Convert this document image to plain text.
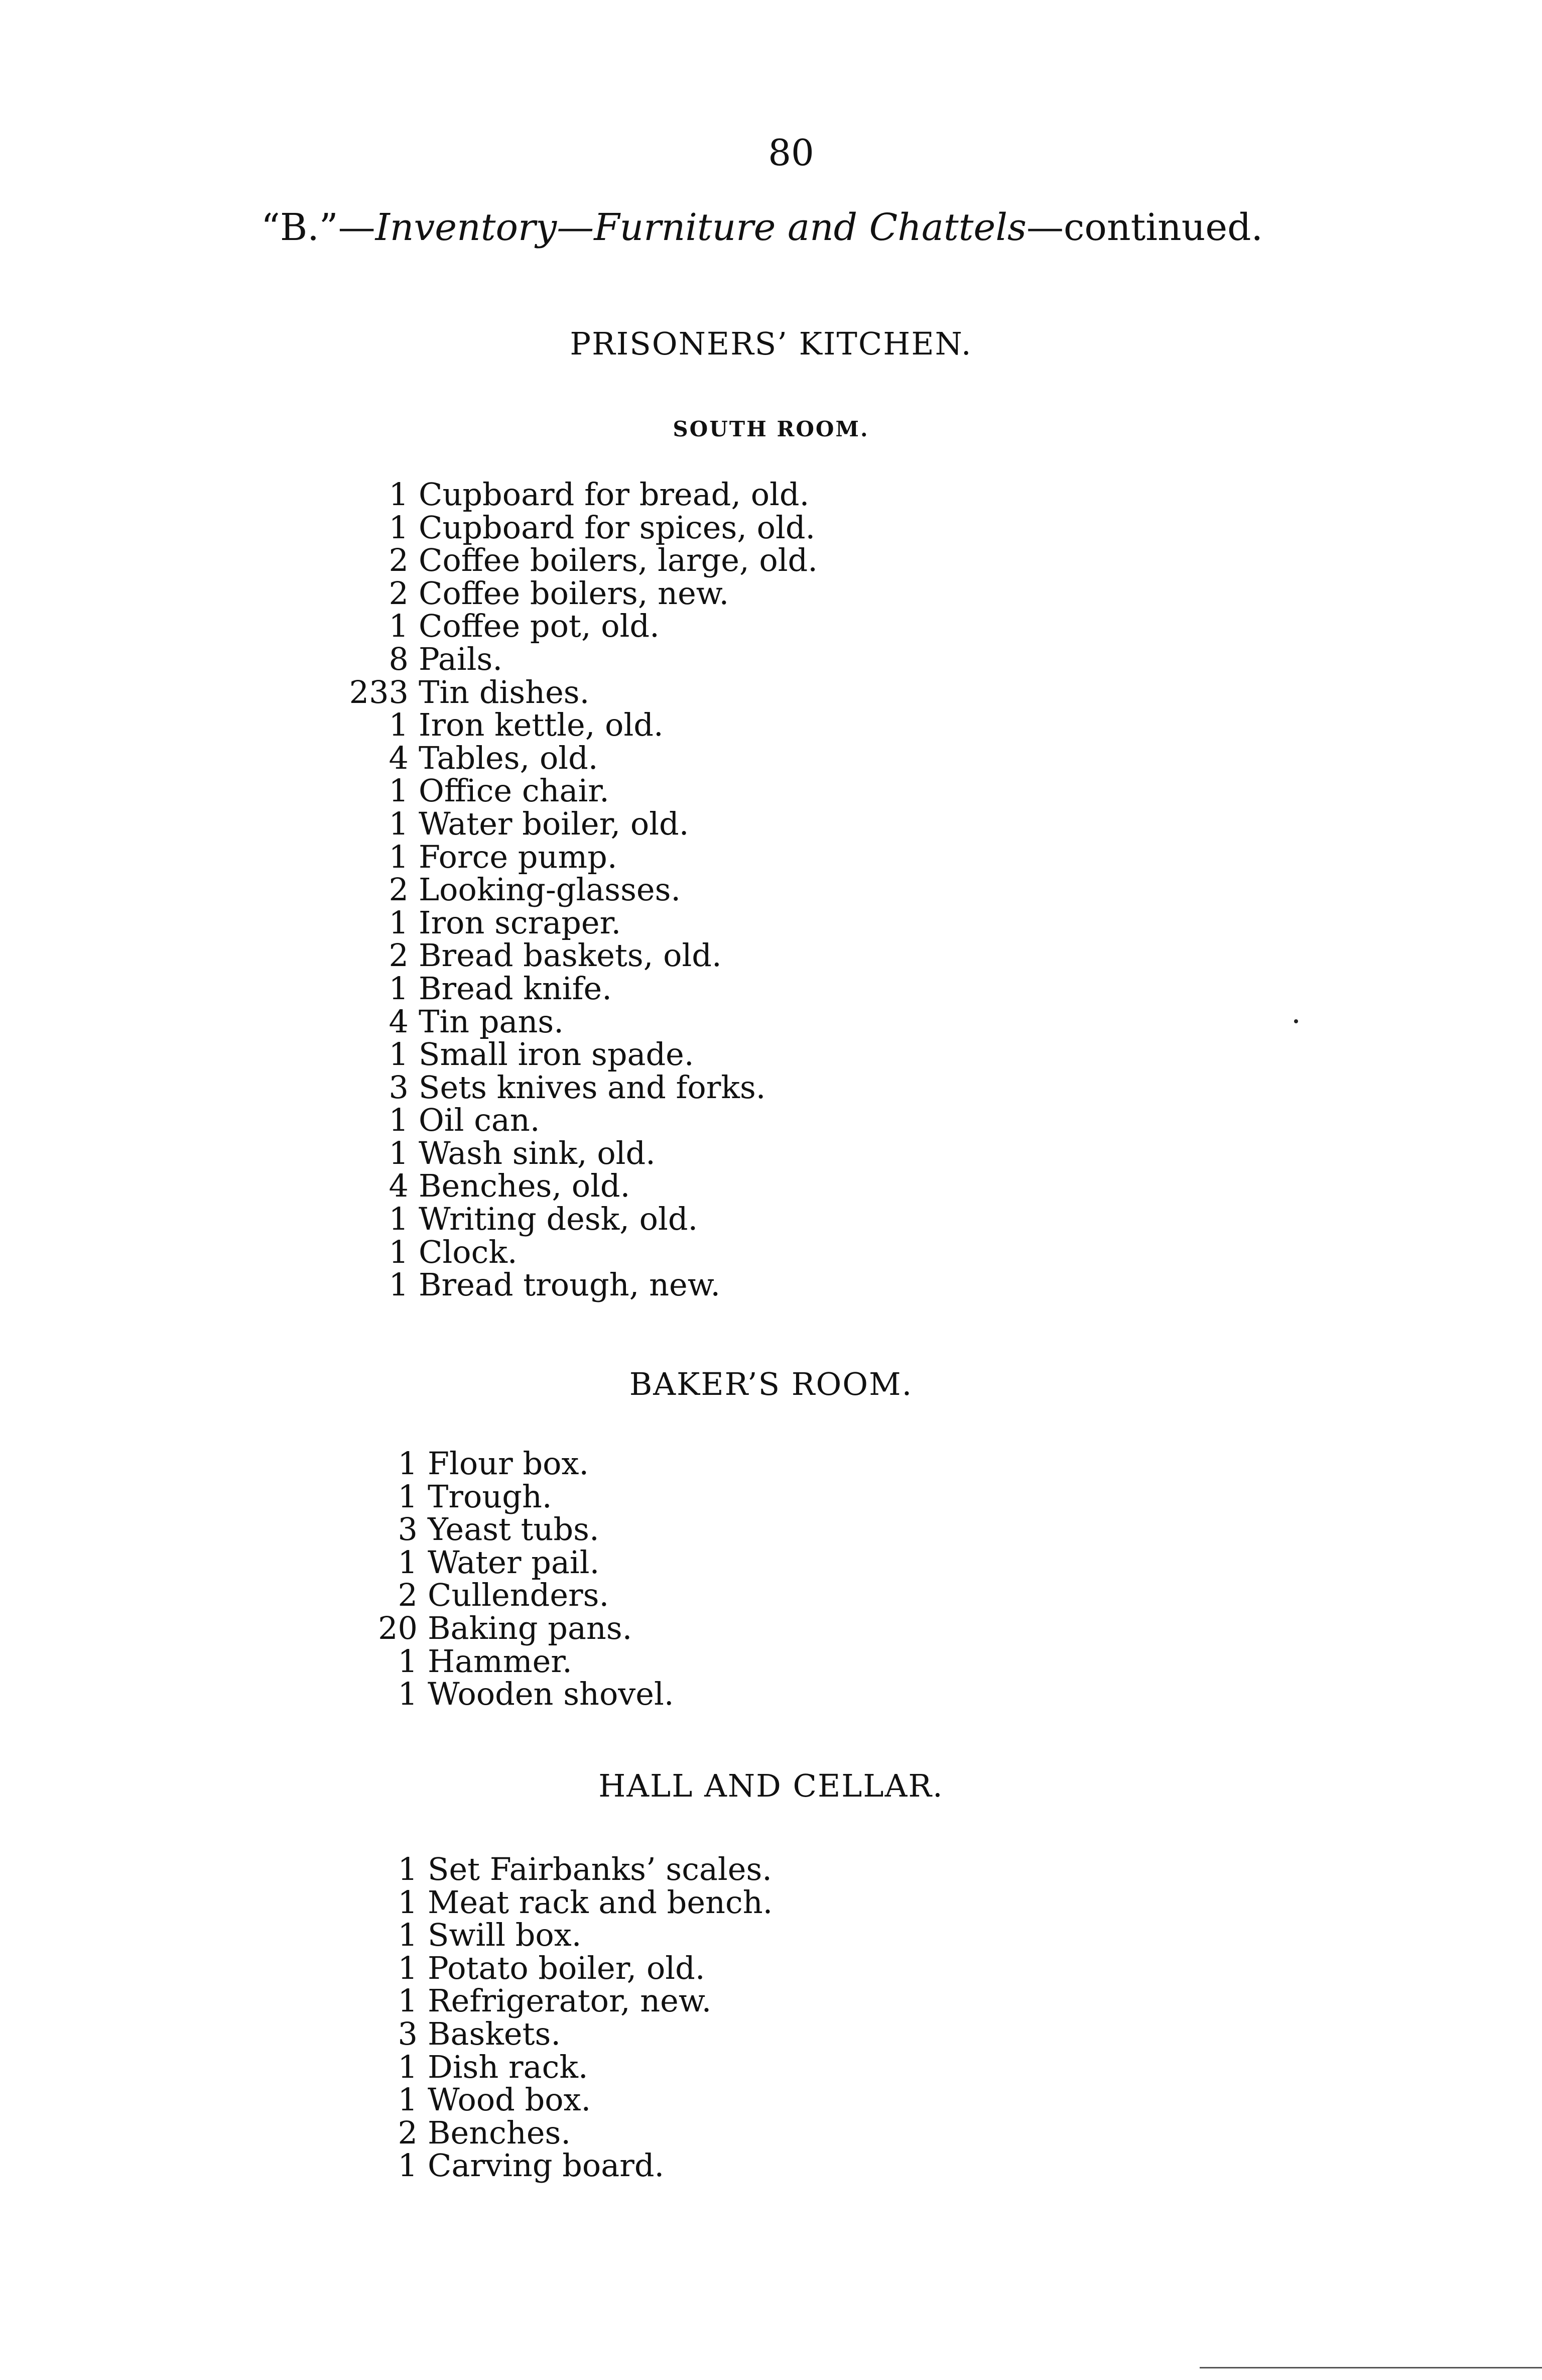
80
“B.”—Inventory—Furniture and Chattels—continued.
PRISONERS’ KITCHEN.
SOUTH ROOM.
1 Cupboard for bread, old.
1 Cupboard for spices, old.
2 Coffee boilers, large, old.
2 Coffee boilers, new.
1 Coffee pot, old.
8 Pails.
233 Tin dishes.
1 Iron kettle, old.
4 Tables, old.
1 Office chair.
1 Water boiler, old.
1 Force pump.
2 Looking-glasses.
1 Iron scraper.
2 Bread baskets, old.
1 Bread knife.
4 Tin pans.
1 Small iron spade.
3 Sets knives and forks.
1 Oil can.
1 Wash sink, old.
4 Benches, old.
1 Writing desk, old.
1 Clock.
1 Bread trough, new.
BAKER’S ROOM.
1 Flour box.
1 Trough.
3 Yeast tubs.
1 Water pail.
2 Cullenders.
20 Baking pans.
1 Hammer.
1 Wooden shovel.
HALL AND CELLAR.
1 Set Fairbanks’ scales.
1 Meat rack and bench.
1 Swill box.
1 Potato boiler, old.
1 Refrigerator, new.
3 Baskets.
1 Dish rack.
1 Wood box.
2 Benches.
1 Carving board.
